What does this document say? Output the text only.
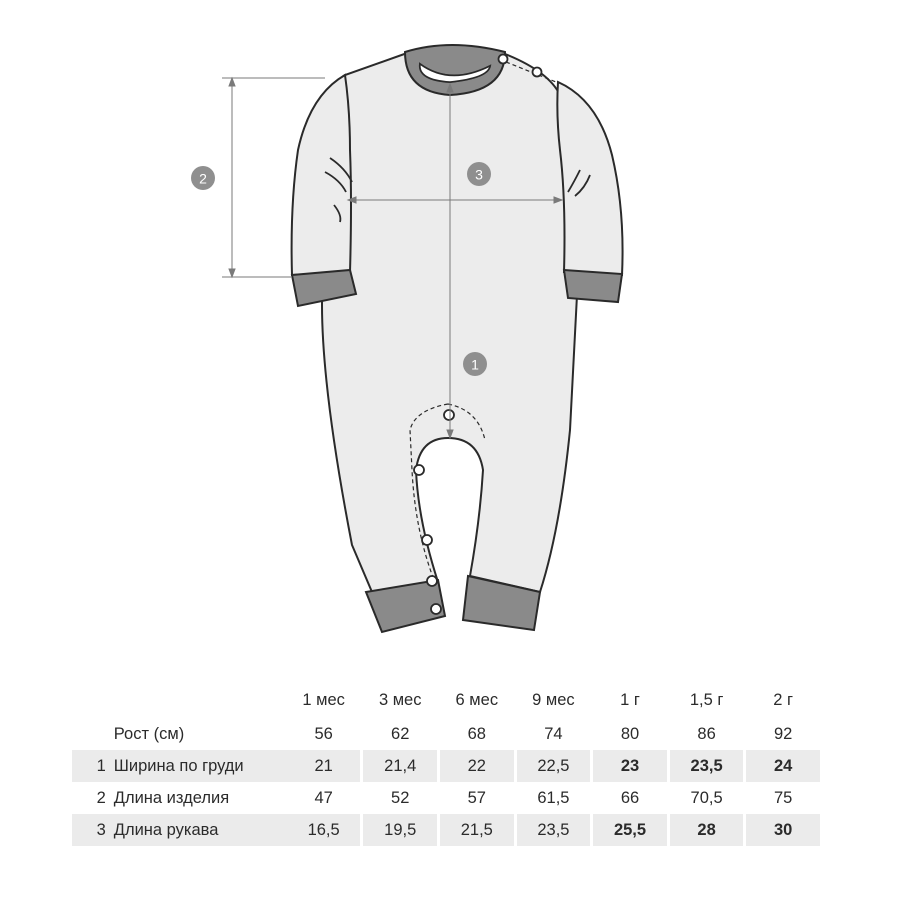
1
2	3
		1 мес		3 мес		6 мес		9 мес		1 г		1,5 г		2 г
	Рост (см)	56		62		68		74		80		86		92
1	Ширина по груди	21		21,4		22		22,5		23		23,5		24
2	Длина изделия	47		52		57		61,5		66		70,5		75
3	Длина рукава	16,5		19,5		21,5		23,5		25,5		28		30
